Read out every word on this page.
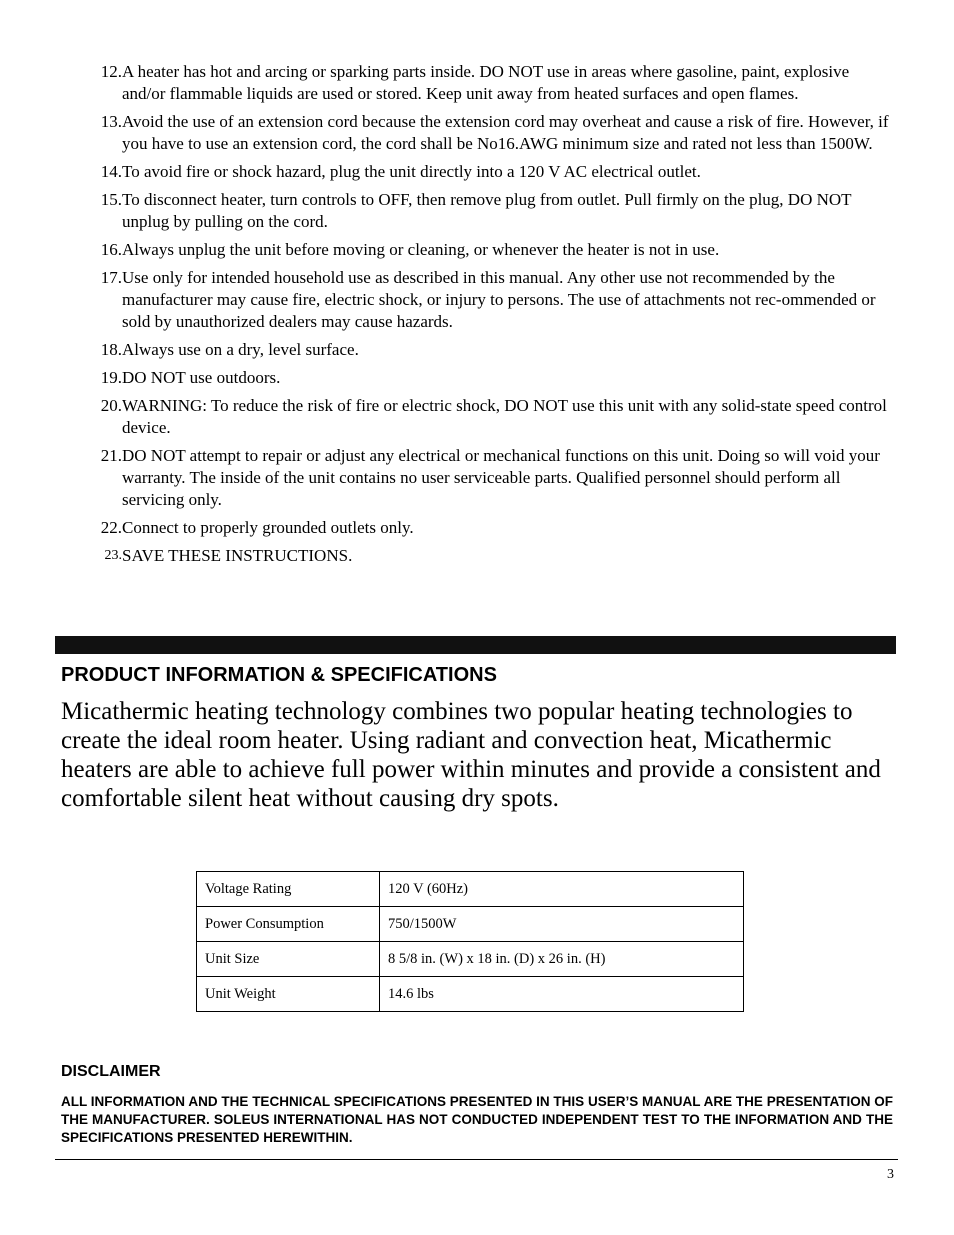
12. A heater has hot and arcing or sparking parts inside. DO NOT use in areas where gasoline, paint, explosive and/or flammable liquids are used or stored. Keep unit away from heated surfaces and open flames.
13. Avoid the use of an extension cord because the extension cord may overheat and cause a risk of fire. However, if you have to use an extension cord, the cord shall be No16.AWG minimum size and rated not less than 1500W.
14. To avoid fire or shock hazard, plug the unit directly into a 120 V AC electrical outlet.
15. To disconnect heater, turn controls to OFF, then remove plug from outlet. Pull firmly on the plug, DO NOT unplug by pulling on the cord.
16. Always unplug the unit before moving or cleaning, or whenever the heater is not in use.
17. Use only for intended household use as described in this manual. Any other use not recommended by the manufacturer may cause fire, electric shock, or injury to persons. The use of attachments not rec-ommended or sold by unauthorized dealers may cause hazards.
18. Always use on a dry, level surface.
19. DO NOT use outdoors.
20. WARNING: To reduce the risk of fire or electric shock, DO NOT use this unit with any solid-state speed control device.
21. DO NOT attempt to repair or adjust any electrical or mechanical functions on this unit. Doing so will void your warranty. The inside of the unit contains no user serviceable parts. Qualified personnel should perform all servicing only.
22. Connect to properly grounded outlets only.
23. SAVE THESE INSTRUCTIONS.
PRODUCT INFORMATION & SPECIFICATIONS

Micathermic heating technology combines two popular heating technologies to create the ideal room heater. Using radiant and convection heat, Micathermic heaters are able to achieve full power within minutes and provide a consistent and comfortable silent heat without causing dry spots.

Voltage Rating	120 V (60Hz)
Power Consumption	750/1500W
Unit Size	8 5/8 in. (W) x 18 in. (D) x 26 in. (H)
Unit Weight	14.6 lbs
DISCLAIMER

ALL INFORMATION AND THE TECHNICAL SPECIFICATIONS PRESENTED IN THIS USER’S MANUAL ARE THE PRESENTATION OF THE MANUFACTURER. SOLEUS INTERNATIONAL HAS NOT CONDUCTED INDEPENDENT TEST TO THE INFORMATION AND THE SPECIFICATIONS PRESENTED HEREWITHIN.

3
